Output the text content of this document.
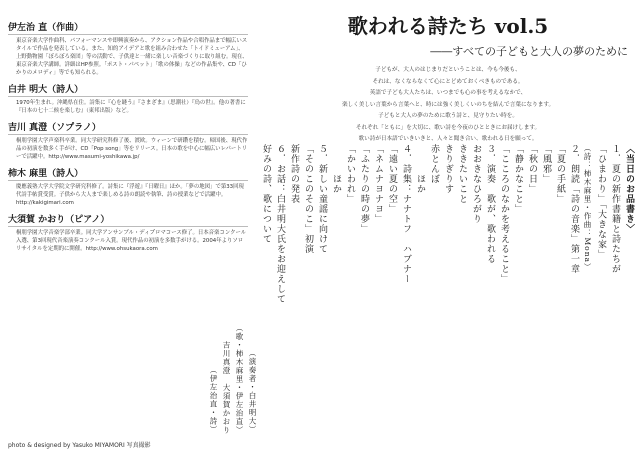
伊左治 直（作曲）

東京音楽大学作曲科、パフォーマンスや即興演奏から、アクション作品や合唱作品まで幅広いスタイルで作品を発表している。また、知的アイデアと歌を組み合わせた「トイドミューアム」、上野動物園「ぼろぼろ楽団」等の活動で、子供達と一緒に楽しい音楽づくりに取り組む。現在、東京音楽大学講師。詳細はHP参照。「ポスト・パペット」「歌の体操」などの作品集や、CD「ひかりのメロディ」等でも知られる。

白井 明大（詩人）

1970年生まれ。沖縄県在住。詩集に『心を縫う』『さまざま』（思潮社）『鳥の世』。他の著書に『日本の七十二候を楽しむ』（東邦出版）など。

吉川 真澄（ソプラノ）

桐朋学園大学声楽科卒業。同大学研究科修了後、渡欧。ウィーンで研鑽を積む。帰国後、現代作品の初演を数多く手がけ、CD「Pop song」等をリリース。日本の歌を中心に幅広いレパートリーで活躍中。http://www.masumi-yoshikawa.jp/

柿木 麻里（詩人）

慶應義塾大学大学院文学研究科修了。詩集に『浮遊』『日曜日』ほか。「夢の地図」で第33回現代詩手帖賞受賞。子供から大人まで楽しめる詩の朗読や執筆、詩の授業などで活躍中。http://kakigimari.com

大須賀 かおり（ピアノ）

桐朋学園大学音楽学部卒業。同大学アンサンブル・ディプロマコース修了。日本音楽コンクール入選、第3回現代音楽演奏コンクール入賞。現代作品の初演を多数手がける。2004年よりソロリサイタルを定期的に開催。http://www.ohsukaora.com

photo & designed by Yasuko MIYAMORI 写真撮影
歌われる詩たち vol.5

――すべての子どもと大人の夢のために

子どもが、大人のはじまりだということは、今も今後も、

それは、なくならなくて心にとどめておくべきものである。

英語で子ども大人たちは、いつまでも心の事を考えるなかで、

楽しく美しい言葉から言葉へと、時には強く美しくいのちを結んで言葉になります。

子どもと大人の夢のために歌う詩と、見守りたい時を。

それぞれ「ともに」を大切に、歌い詩を今夜のひとときにお届けします。

歌い詩が日本語でいきいきと、人々と聞き合い、歌われる日を願って。

〈当日のお品書き〉

１．夏の新作書籍と詩たちが

「ひまわり」「大きな家」

（詩：柿木麻里・作曲：Mona）

２．朗読「詩の音楽」第一章

「夏の手紙」

「風邪」

「秋の日」

「静かなこと」

「こころのなかを考えること」

３．演奏　歌が、歌われる

おおきなひろがり

ききたいこと

きりぎりす

赤とんぼ

　　　ほか

４．詩集：ナナトフ　ハブナー

「遠い夏の空」

「ネムナヨナヨ」

「ふたりの時の夢」

「かいわれ」

　　　ほか

５．新しい童謡に向けて

「そのこのそのこ」初演

新作詩の発表

６．お話：白井明大氏をお迎えして

好みの詩、歌について

（演奏者・白井明大）

（歌・柿木麻里・伊左治直）

吉川真澄　大須賀かおり

（伊左治直・詩）
